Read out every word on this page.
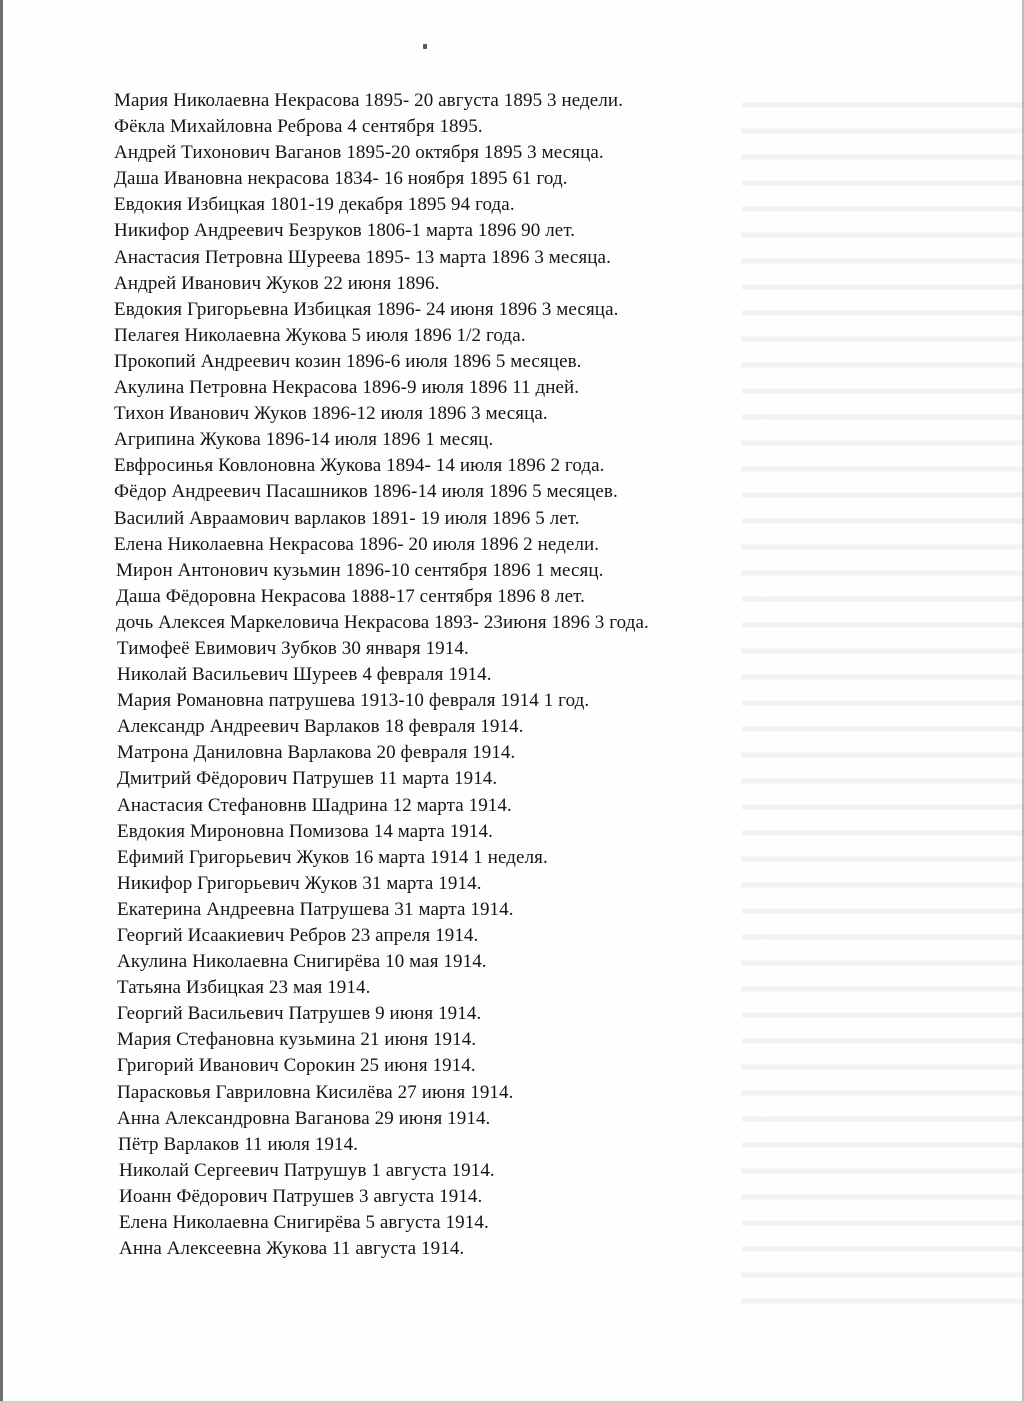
Мария Николаевна Некрасова 1895- 20 августа 1895 3 недели.
Фёкла Михайловна Реброва 4 сентября 1895.
Андрей Тихонович Ваганов 1895-20 октября 1895 3 месяца.
Даша Ивановна некрасова 1834- 16 ноября 1895 61 год.
Евдокия Избицкая 1801-19 декабря 1895 94 года.
Никифор Андреевич Безруков 1806-1 марта 1896 90 лет.
Анастасия Петровна Шуреева 1895- 13 марта 1896 3 месяца.
Андрей Иванович Жуков 22 июня 1896.
Евдокия Григорьевна Избицкая 1896- 24 июня 1896 3 месяца.
Пелагея Николаевна Жукова 5 июля 1896 1/2 года.
Прокопий Андреевич козин 1896-6 июля 1896 5 месяцев.
Акулина Петровна Некрасова 1896-9 июля 1896 11 дней.
Тихон Иванович Жуков 1896-12 июля 1896 3 месяца.
Агрипина Жукова 1896-14 июля 1896 1 месяц.
Евфросинья Ковлоновна Жукова 1894- 14 июля 1896 2 года.
Фёдор Андреевич Пасашников 1896-14 июля 1896 5 месяцев.
Василий Авраамович варлаков 1891- 19 июля 1896 5 лет.
Елена Николаевна Некрасова 1896- 20 июля 1896 2 недели.
Мирон Антонович кузьмин 1896-10 сентября 1896 1 месяц.
Даша Фёдоровна Некрасова 1888-17 сентября 1896 8 лет.
дочь Алексея Маркеловича Некрасова 1893- 23июня 1896 3 года.
Тимофеё Евимович Зубков 30 января 1914.
Николай Васильевич Шуреев 4 февраля 1914.
Мария Романовна патрушева 1913-10 февраля 1914 1 год.
Александр Андреевич Варлаков 18 февраля 1914.
Матрона Даниловна Варлакова 20 февраля 1914.
Дмитрий Фёдорович Патрушев 11 марта 1914.
Анастасия Стефановнв Шадрина 12 марта 1914.
Евдокия Мироновна Помизова 14 марта 1914.
Ефимий Григорьевич Жуков 16 марта 1914 1 неделя.
Никифор Григорьевич Жуков 31 марта 1914.
Екатерина Андреевна Патрушева 31 марта 1914.
Георгий Исаакиевич Ребров 23 апреля 1914.
Акулина Николаевна Снигирёва 10 мая 1914.
Татьяна Избицкая 23 мая 1914.
Георгий Васильевич Патрушев 9 июня 1914.
Мария Стефановна кузьмина 21 июня 1914.
Григорий Иванович Сорокин 25 июня 1914.
Парасковья Гавриловна Кисилёва 27 июня 1914.
Анна Александровна Ваганова 29 июня 1914.
Пётр Варлаков 11 июля 1914.
Николай Сергеевич Патрушув 1 августа 1914.
Иоанн Фёдорович Патрушев 3 августа 1914.
Елена Николаевна Снигирёва 5 августа 1914.
Анна Алексеевна Жукова 11 августа 1914.
